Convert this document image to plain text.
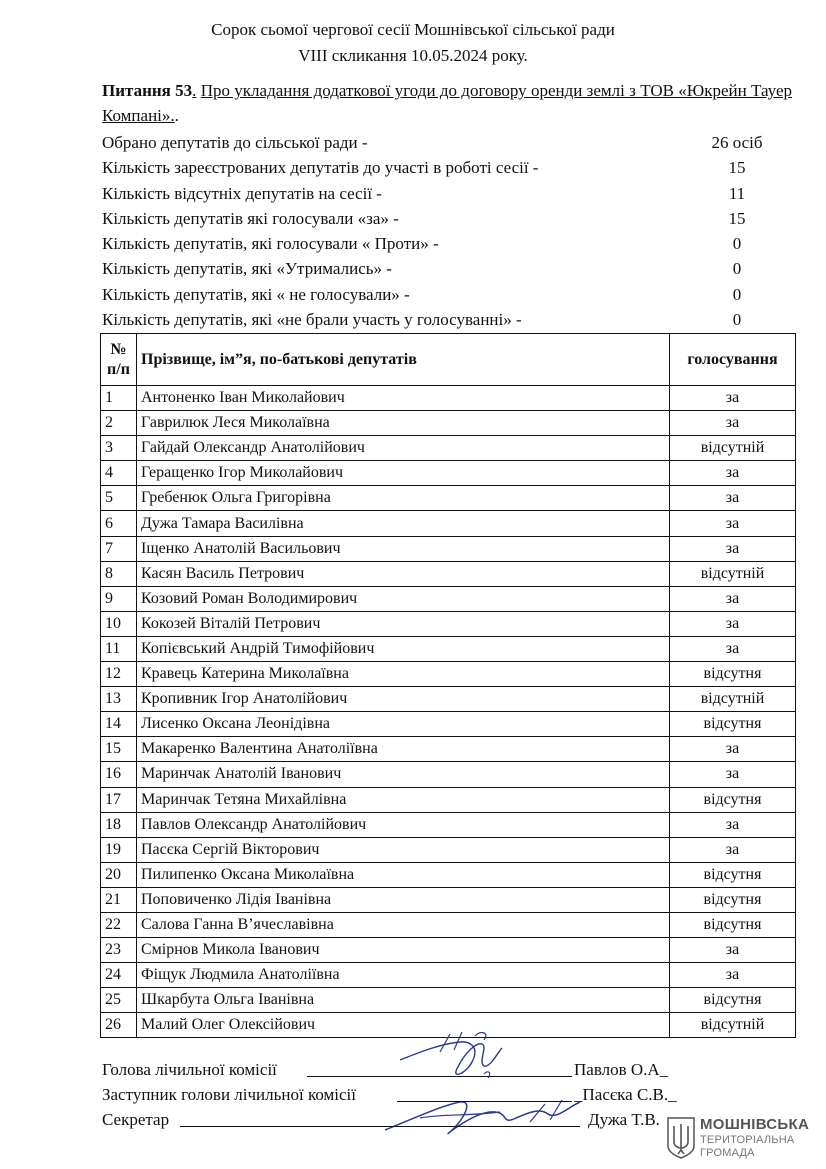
Сорок сьомої чергової сесії Мошнівської сільської ради
VIII скликання 10.05.2024 року.
Питання 53. Про укладання додаткової угоди до договору оренди землі з ТОВ «Юкрейн Тауер Компані»..
Обрано депутатів до сільської ради -	26 осіб
Кількість зареєстрованих депутатів до участі в роботі сесії -	15
Кількість відсутніх депутатів на сесії -	11
Кількість депутатів які голосували «за» -	15
Кількість депутатів, які голосували « Проти» -	0
Кількість депутатів, які «Утримались» -	0
Кількість депутатів, які « не голосували» -	0
Кількість депутатів, які «не брали участь у голосуванні» -	0
№
п/п	Прізвище, ім”я, по-батькові депутатів	голосування
1	Антоненко Іван Миколайович	за
2	Гаврилюк Леся Миколаївна	за
3	Гайдай Олександр Анатолійович	відсутній
4	Геращенко Ігор Миколайович	за
5	Гребенюк Ольга Григорівна	за
6	Дужа Тамара Василівна	за
7	Іщенко Анатолій Васильович	за
8	Касян Василь Петрович	відсутній
9	Козовий Роман Володимирович	за
10	Кокозей Віталій Петрович	за
11	Копієвський Андрій Тимофійович	за
12	Кравець Катерина Миколаївна	відсутня
13	Кропивник Ігор Анатолійович	відсутній
14	Лисенко Оксана Леонідівна	відсутня
15	Макаренко Валентина Анатоліївна	за
16	Маринчак Анатолій Іванович	за
17	Маринчак Тетяна Михайлівна	відсутня
18	Павлов Олександр Анатолійович	за
19	Пасєка Сергій Вікторович	за
20	Пилипенко Оксана Миколаївна	відсутня
21	Поповиченко Лідія Іванівна	відсутня
22	Салова Ганна В’ячеславівна	відсутня
23	Смірнов Микола Іванович	за
24	Фіщук Людмила Анатоліївна	за
25	Шкарбута Ольга Іванівна	відсутня
26	Малий Олег Олексійович	відсутній
Голова лічильної комісії	Павлов О.А_
Заступник голови лічильної комісії	_Пасєка С.В._
Секретар	Дужа Т.В.	МОШНІВСЬКА
ТЕРИТОРІАЛЬНА
ГРОМАДА
